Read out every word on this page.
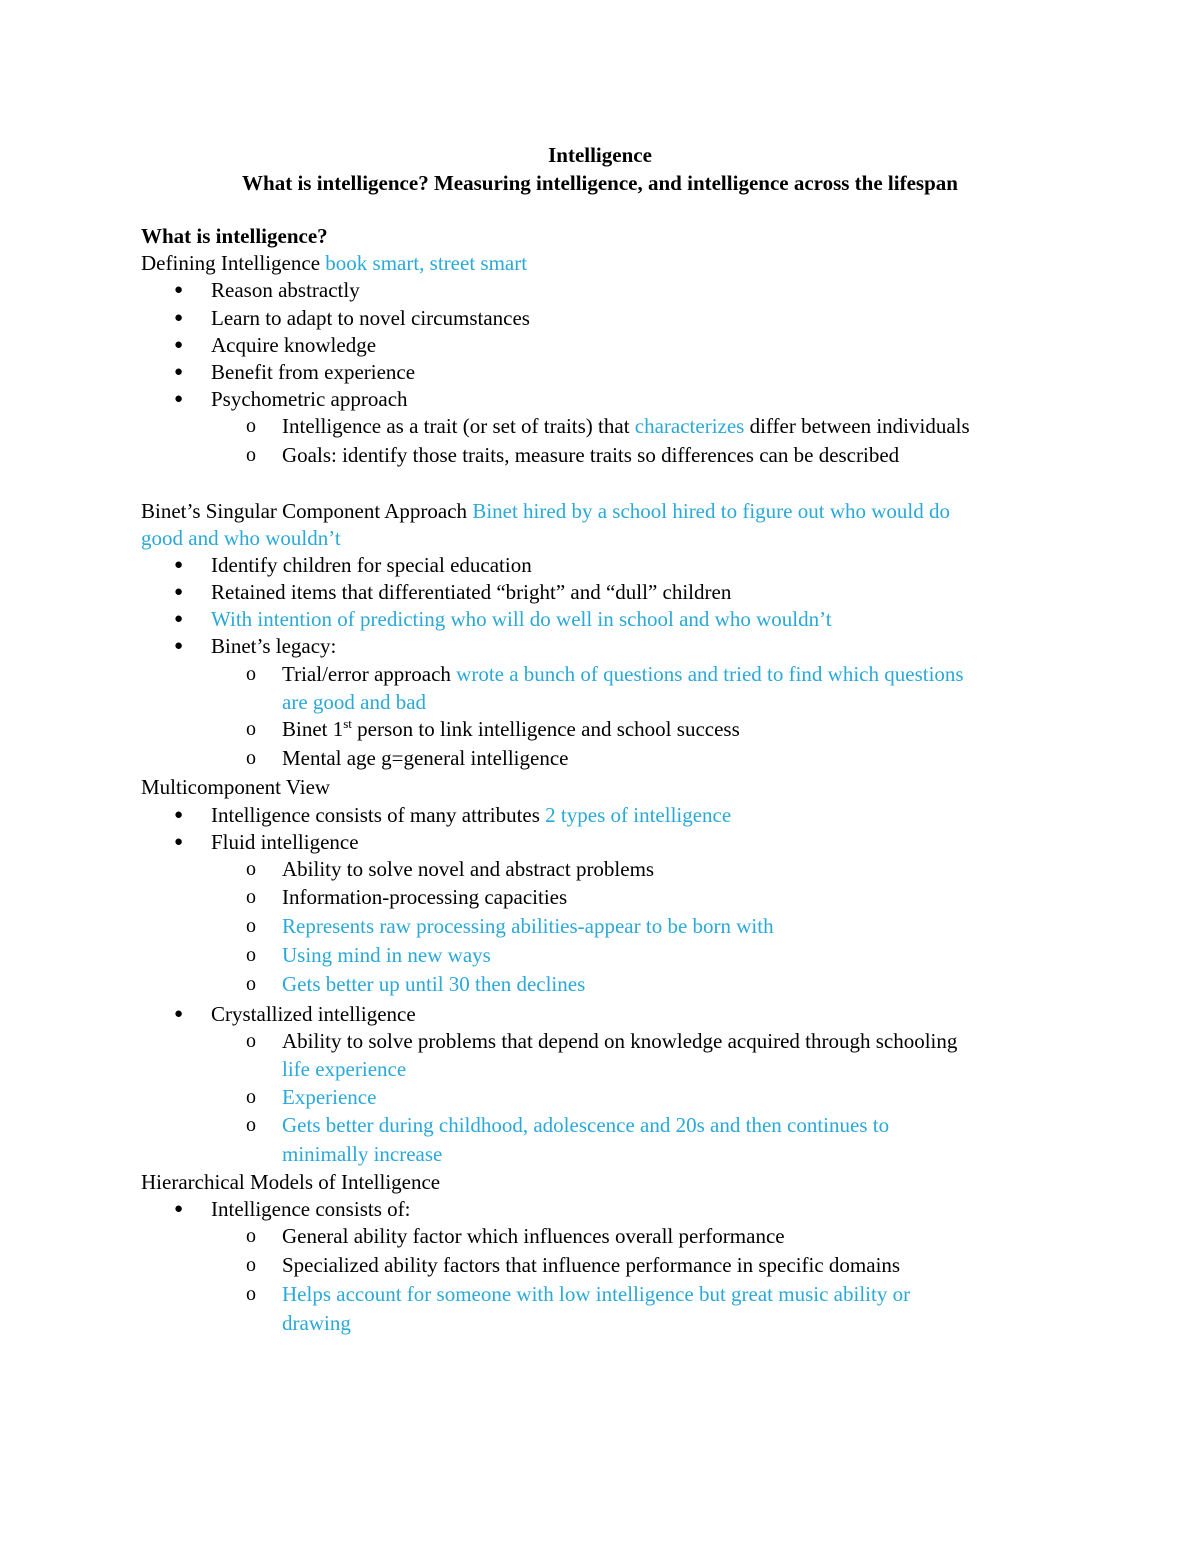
Intelligence
What is intelligence? Measuring intelligence, and intelligence across the lifespan
What is intelligence?
Defining Intelligence book smart, street smart
● Reason abstractly
● Learn to adapt to novel circumstances
● Acquire knowledge
● Benefit from experience
● Psychometric approach
o Intelligence as a trait (or set of traits) that characterizes differ between individuals
o Goals: identify those traits, measure traits so differences can be described
Binet’s Singular Component Approach Binet hired by a school hired to figure out who would do
good and who wouldn’t
● Identify children for special education
● Retained items that differentiated “bright” and “dull” children
● With intention of predicting who will do well in school and who wouldn’t
● Binet’s legacy:
o Trial/error approach wrote a bunch of questions and tried to find which questions
are good and bad
o Binet 1st person to link intelligence and school success
o Mental age g=general intelligence
Multicomponent View
● Intelligence consists of many attributes 2 types of intelligence
● Fluid intelligence
o Ability to solve novel and abstract problems
o Information-processing capacities
o Represents raw processing abilities-appear to be born with
o Using mind in new ways
o Gets better up until 30 then declines
● Crystallized intelligence
o Ability to solve problems that depend on knowledge acquired through schooling
life experience
o Experience
o Gets better during childhood, adolescence and 20s and then continues to
minimally increase
Hierarchical Models of Intelligence
● Intelligence consists of:
o General ability factor which influences overall performance
o Specialized ability factors that influence performance in specific domains
o Helps account for someone with low intelligence but great music ability or
drawing
